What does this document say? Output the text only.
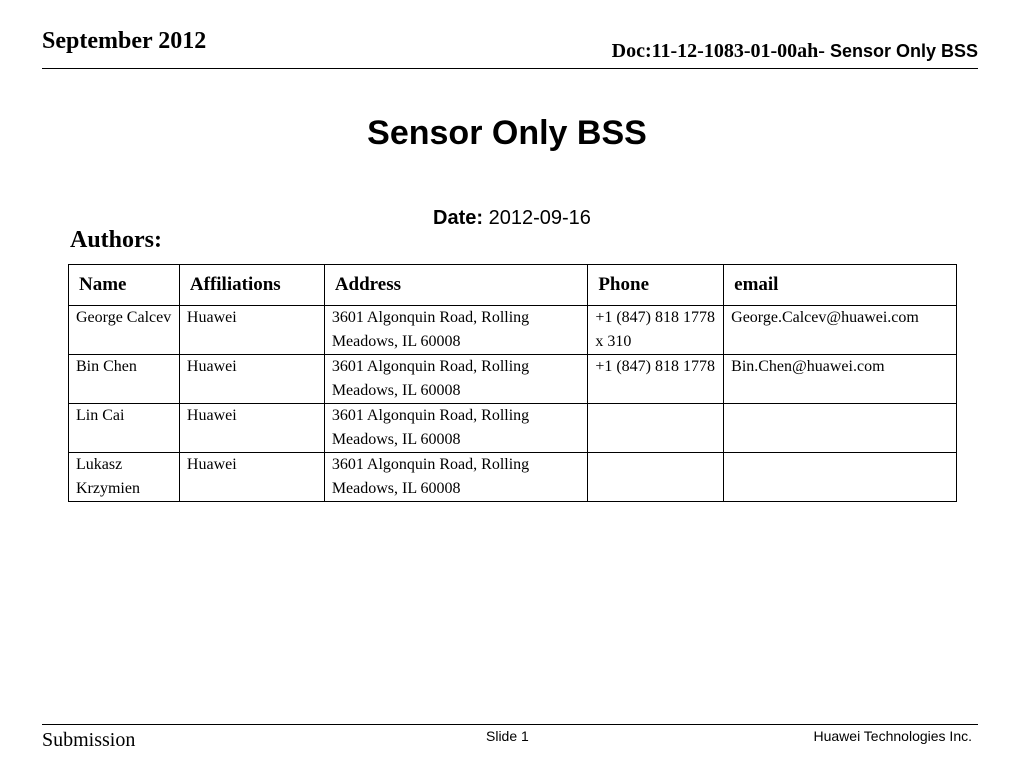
September 2012	Doc:11-12-1083-01-00ah- Sensor Only BSS
Sensor Only BSS
Date: 2012-09-16
Authors:
Name	Affiliations	Address	Phone	email
George Calcev	Huawei	3601 Algonquin Road, Rolling Meadows, IL 60008	+1 (847) 818 1778 x 310	George.Calcev@huawei.com
Bin Chen	Huawei	3601 Algonquin Road, Rolling Meadows, IL 60008	+1 (847) 818 1778	Bin.Chen@huawei.com
Lin Cai	Huawei	3601 Algonquin Road, Rolling Meadows, IL 60008		
Lukasz Krzymien	Huawei	3601 Algonquin Road, Rolling Meadows, IL 60008		
Submission	Slide 1	Huawei Technologies Inc.
